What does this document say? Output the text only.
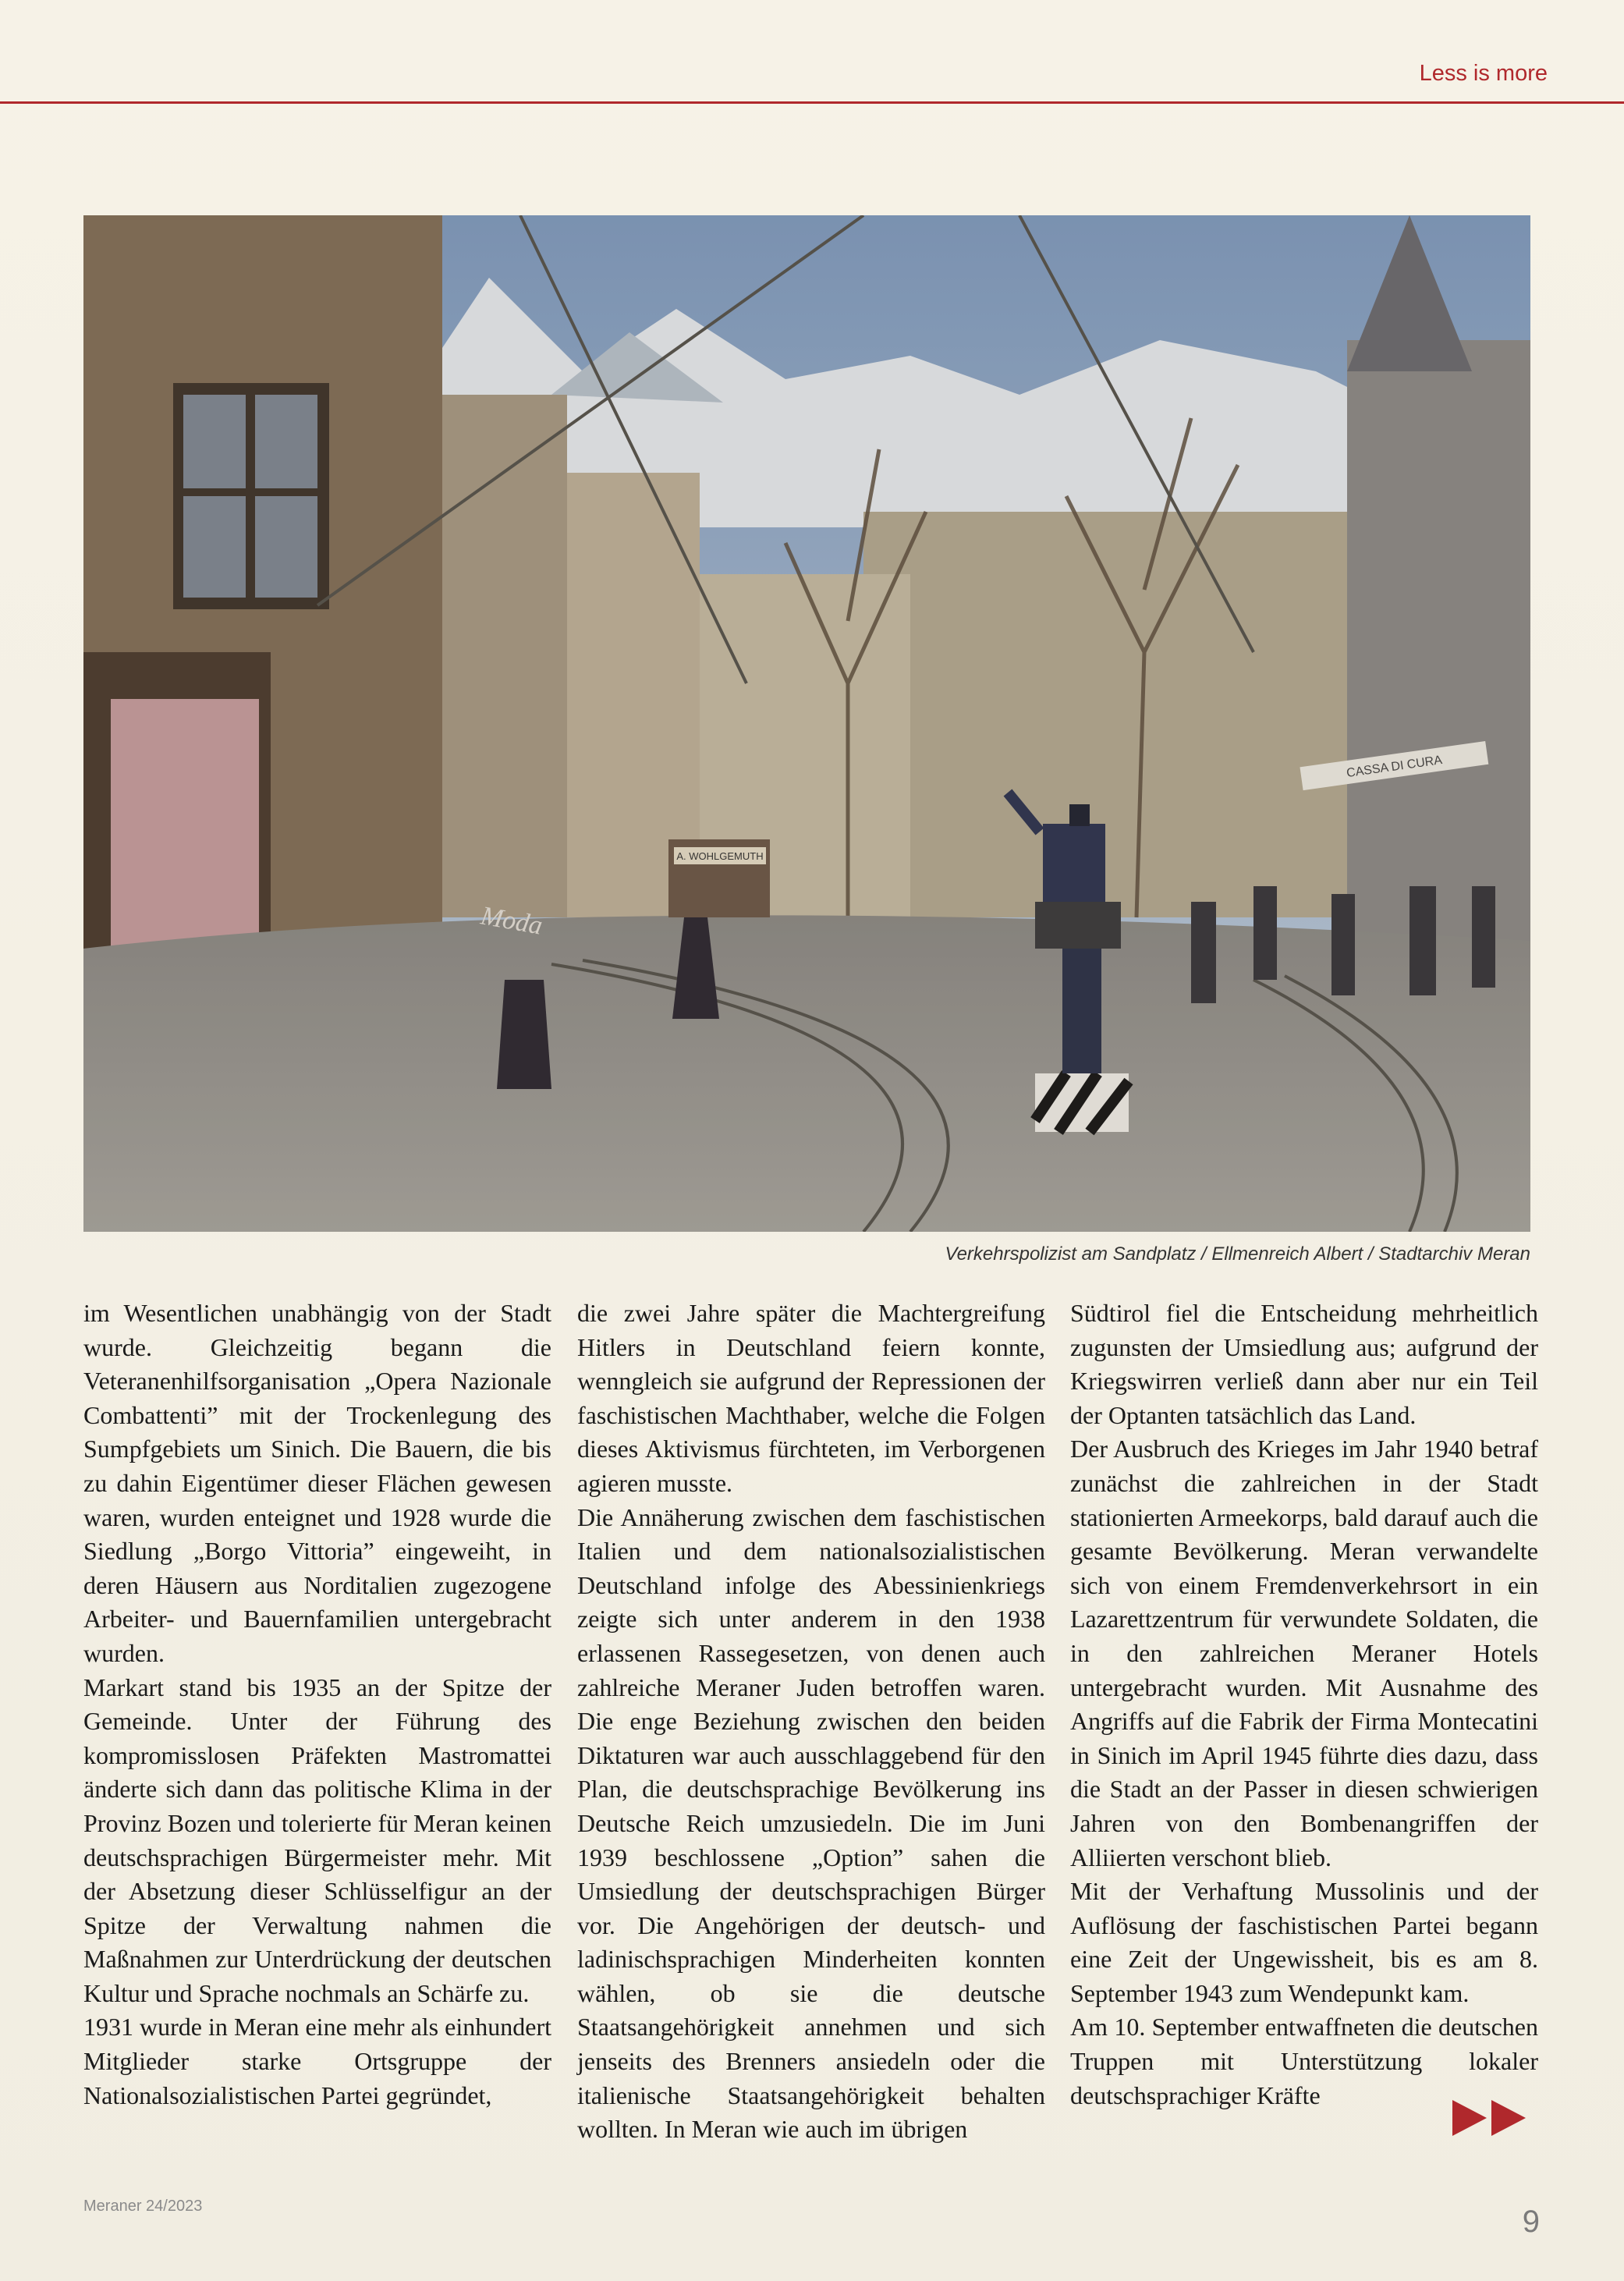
Less is more
A. WOHLGEMUTH
CASSA DI CURA
Moda
Verkehrspolizist am Sandplatz / Ellmenreich Albert / Stadtarchiv Meran

im Wesentlichen unabhängig von der Stadt wurde. Gleichzeitig begann die Veteranenhilfsorganisation „Opera Nazionale Combattenti” mit der Trockenlegung des Sumpfgebiets um Sinich. Die Bauern, die bis zu dahin Eigentümer dieser Flächen gewesen waren, wurden enteignet und 1928 wurde die Siedlung „Borgo Vittoria” eingeweiht, in deren Häusern aus Norditalien zugezogene Arbeiter- und Bauernfamilien untergebracht wurden.

Markart stand bis 1935 an der Spitze der Gemeinde. Unter der Führung des kompromisslosen Präfekten Mastromattei änderte sich dann das politische Klima in der Provinz Bozen und tolerierte für Meran keinen deutschsprachigen Bürgermeister mehr. Mit der Absetzung dieser Schlüsselfigur an der Spitze der Verwaltung nahmen die Maßnahmen zur Unterdrückung der deutschen Kultur und Sprache nochmals an Schärfe zu.

1931 wurde in Meran eine mehr als einhundert Mitglieder starke Ortsgruppe der Nationalsozialistischen Partei gegründet,

die zwei Jahre später die Machtergreifung Hitlers in Deutschland feiern konnte, wenngleich sie aufgrund der Repressionen der faschistischen Machthaber, welche die Folgen dieses Aktivismus fürchteten, im Verborgenen agieren musste.

Die Annäherung zwischen dem faschistischen Italien und dem nationalsozialistischen Deutschland infolge des Abessinienkriegs zeigte sich unter anderem in den 1938 erlassenen Rassegesetzen, von denen auch zahlreiche Meraner Juden betroffen waren. Die enge Beziehung zwischen den beiden Diktaturen war auch ausschlaggebend für den Plan, die deutschsprachige Bevölkerung ins Deutsche Reich umzusiedeln. Die im Juni 1939 beschlossene „Option” sahen die Umsiedlung der deutschsprachigen Bürger vor. Die Angehörigen der deutsch- und ladinischsprachigen Minderheiten konnten wählen, ob sie die deutsche Staatsangehörigkeit annehmen und sich jenseits des Brenners ansiedeln oder die italienische Staatsangehörigkeit behalten wollten. In Meran wie auch im übrigen

Südtirol fiel die Entscheidung mehrheitlich zugunsten der Umsiedlung aus; aufgrund der Kriegswirren verließ dann aber nur ein Teil der Optanten tatsächlich das Land.

Der Ausbruch des Krieges im Jahr 1940 betraf zunächst die zahlreichen in der Stadt stationierten Armeekorps, bald darauf auch die gesamte Bevölkerung. Meran verwandelte sich von einem Fremdenverkehrsort in ein Lazarettzentrum für verwundete Soldaten, die in den zahlreichen Meraner Hotels untergebracht wurden. Mit Ausnahme des Angriffs auf die Fabrik der Firma Montecatini in Sinich im April 1945 führte dies dazu, dass die Stadt an der Passer in diesen schwierigen Jahren von den Bombenangriffen der Alliierten verschont blieb.

Mit der Verhaftung Mussolinis und der Auflösung der faschistischen Partei begann eine Zeit der Ungewissheit, bis es am 8. September 1943 zum Wendepunkt kam.

Am 10. September entwaffneten die deutschen Truppen mit Unterstützung lokaler deutschsprachiger Kräfte

Meraner 24/2023	9
